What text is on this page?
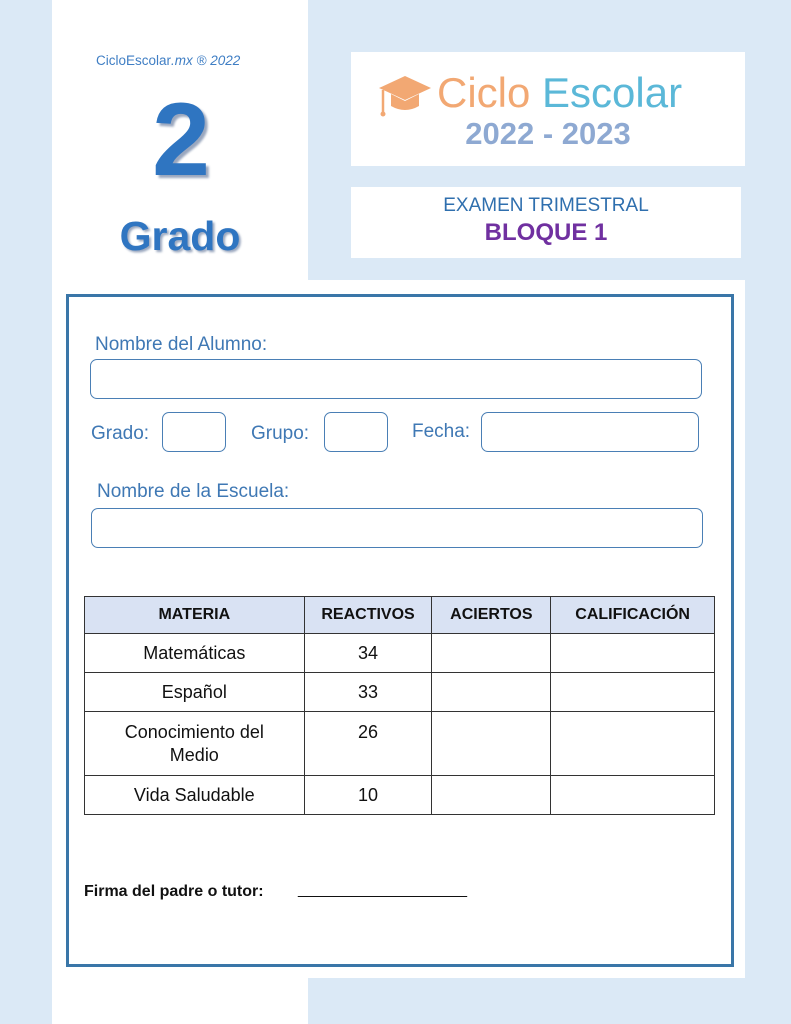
CicloEscolar.mx ® 2022
2
Grado
Ciclo Escolar
2022 - 2023
EXAMEN TRIMESTRAL
BLOQUE 1
Nombre del Alumno:
Grado:	Grupo:	Fecha:
Nombre de la Escuela:
MATERIA	REACTIVOS	ACIERTOS	CALIFICACIÓN
Matemáticas	34		
Español	33		
Conocimiento del Medio	26		
Vida Saludable	10		
Firma del padre o tutor: ___________________
